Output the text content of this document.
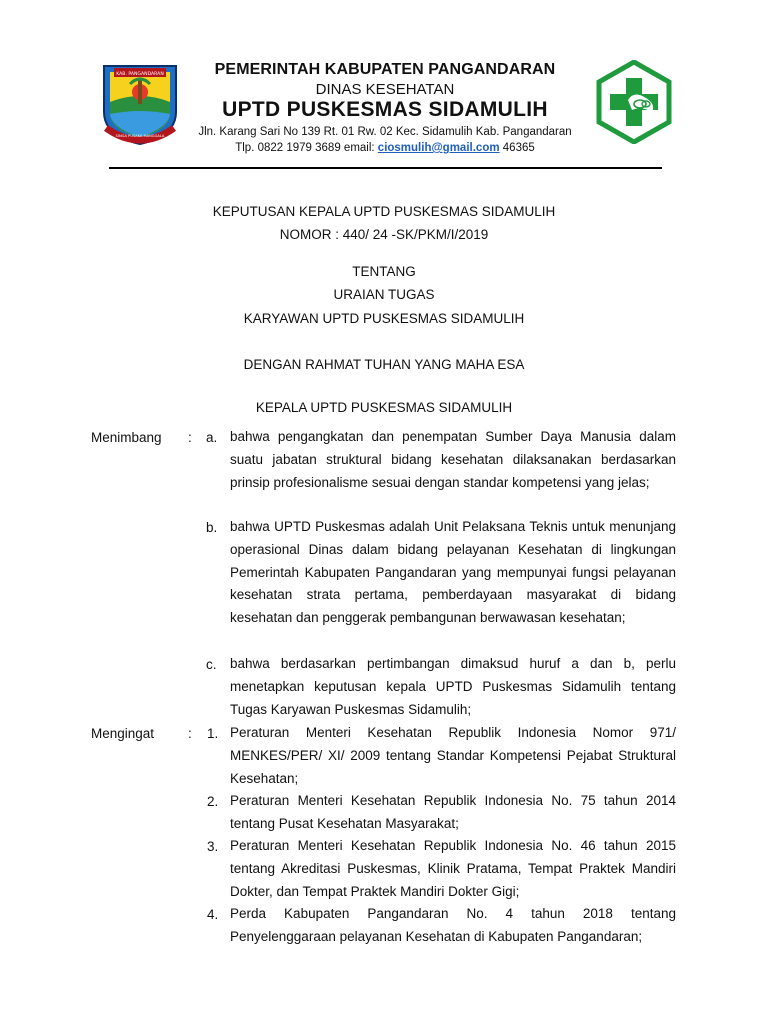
KAB. PANGANDARAN
SINGA PUSAKA MANGGALA
PEMERINTAH KABUPATEN PANGANDARAN
DINAS KESEHATAN
UPTD PUSKESMAS SIDAMULIH
Jln. Karang Sari No 139 Rt. 01 Rw. 02 Kec. Sidamulih Kab. Pangandaran
Tlp. 0822 1979 3689 email: ciosmulih@gmail.com 46365
KEPUTUSAN KEPALA UPTD PUSKESMAS SIDAMULIH
NOMOR : 440/ 24 -SK/PKM/I/2019
TENTANG
URAIAN TUGAS
KARYAWAN UPTD PUSKESMAS SIDAMULIH
DENGAN RAHMAT TUHAN YANG MAHA ESA
KEPALA UPTD PUSKESMAS SIDAMULIH
Menimbang : a. bahwa pengangkatan dan penempatan Sumber Daya Manusia dalam suatu jabatan struktural bidang kesehatan dilaksanakan berdasarkan prinsip profesionalisme sesuai dengan standar kompetensi yang jelas;
b. bahwa UPTD Puskesmas adalah Unit Pelaksana Teknis untuk menunjang operasional Dinas dalam bidang pelayanan Kesehatan di lingkungan Pemerintah Kabupaten Pangandaran yang mempunyai fungsi pelayanan kesehatan strata pertama, pemberdayaan masyarakat di bidang kesehatan dan penggerak pembangunan berwawasan kesehatan;
c. bahwa berdasarkan pertimbangan dimaksud huruf a dan b, perlu menetapkan keputusan kepala UPTD Puskesmas Sidamulih tentang Tugas Karyawan Puskesmas Sidamulih;
Mengingat	: 1. Peraturan Menteri Kesehatan Republik Indonesia Nomor 971/ MENKES/PER/ XI/ 2009 tentang Standar Kompetensi Pejabat Struktural Kesehatan;
2. Peraturan Menteri Kesehatan Republik Indonesia No. 75 tahun 2014 tentang Pusat Kesehatan Masyarakat;
3. Peraturan Menteri Kesehatan Republik Indonesia No. 46 tahun 2015 tentang Akreditasi Puskesmas, Klinik Pratama, Tempat Praktek Mandiri Dokter, dan Tempat Praktek Mandiri Dokter Gigi;
4. Perda Kabupaten Pangandaran No. 4 tahun 2018 tentang Penyelenggaraan pelayanan Kesehatan di Kabupaten Pangandaran;
